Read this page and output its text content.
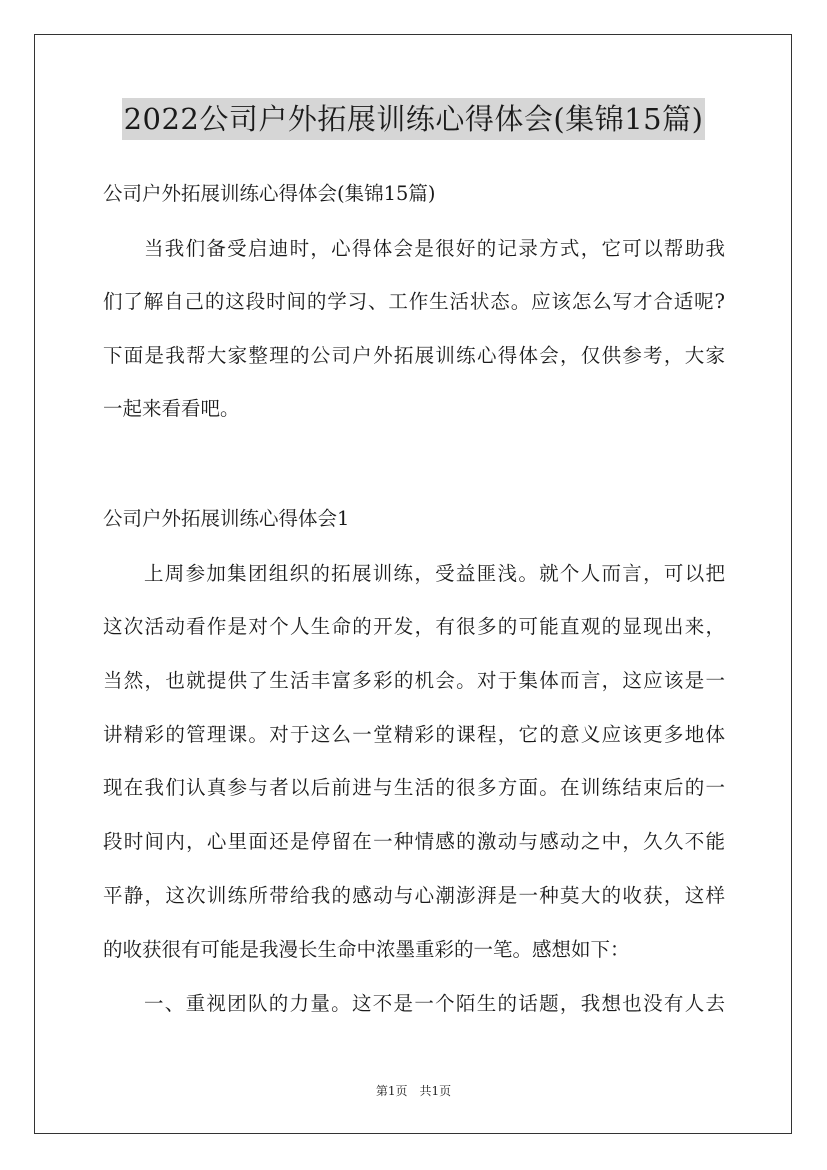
2022公司户外拓展训练心得体会(集锦15篇)
公司户外拓展训练心得体会(集锦15篇)
当我们备受启迪时，心得体会是很好的记录方式，它可以帮助我
们了解自己的这段时间的学习、工作生活状态。应该怎么写才合适呢?
下面是我帮大家整理的公司户外拓展训练心得体会，仅供参考，大家
一起来看看吧。
公司户外拓展训练心得体会1
上周参加集团组织的拓展训练，受益匪浅。就个人而言，可以把
这次活动看作是对个人生命的开发，有很多的可能直观的显现出来，
当然，也就提供了生活丰富多彩的机会。对于集体而言，这应该是一
讲精彩的管理课。对于这么一堂精彩的课程，它的意义应该更多地体
现在我们认真参与者以后前进与生活的很多方面。在训练结束后的一
段时间内，心里面还是停留在一种情感的激动与感动之中，久久不能
平静，这次训练所带给我的感动与心潮澎湃是一种莫大的收获，这样
的收获很有可能是我漫长生命中浓墨重彩的一笔。感想如下：
一、重视团队的力量。这不是一个陌生的话题，我想也没有人去
第1页　共1页
